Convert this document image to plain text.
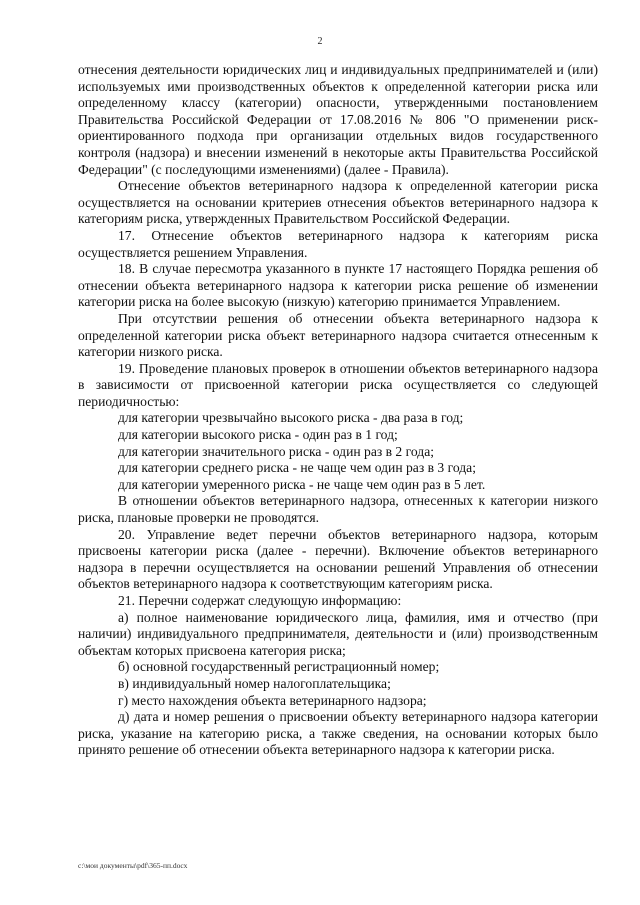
2

отнесения деятельности юридических лиц и индивидуальных предпринимателей и (или) используемых ими производственных объектов к определенной категории риска или определенному классу (категории) опасности, утвержденными постановлением Правительства Российской Федерации от 17.08.2016 № 806 "О применении риск-ориентированного подхода при организации отдельных видов государственного контроля (надзора) и внесении изменений в некоторые акты Правительства Российской Федерации" (с последующими изменениями) (далее - Правила).

Отнесение объектов ветеринарного надзора к определенной категории риска осуществляется на основании критериев отнесения объектов ветеринарного надзора к категориям риска, утвержденных Правительством Российской Федерации.

17. Отнесение объектов ветеринарного надзора к категориям риска осуществляется решением Управления.

18. В случае пересмотра указанного в пункте 17 настоящего Порядка решения об отнесении объекта ветеринарного надзора к категории риска решение об изменении категории риска на более высокую (низкую) категорию принимается Управлением.

При отсутствии решения об отнесении объекта ветеринарного надзора к определенной категории риска объект ветеринарного надзора считается отнесенным к категории низкого риска.

19. Проведение плановых проверок в отношении объектов ветеринарного надзора в зависимости от присвоенной категории риска осуществляется со следующей периодичностью:

для категории чрезвычайно высокого риска - два раза в год;

для категории высокого риска - один раз в 1 год;

для категории значительного риска - один раз в 2 года;

для категории среднего риска - не чаще чем один раз в 3 года;

для категории умеренного риска - не чаще чем один раз в 5 лет.

В отношении объектов ветеринарного надзора, отнесенных к категории низкого риска, плановые проверки не проводятся.

20. Управление ведет перечни объектов ветеринарного надзора, которым присвоены категории риска (далее - перечни). Включение объектов ветеринарного надзора в перечни осуществляется на основании решений Управления об отнесении объектов ветеринарного надзора к соответствующим категориям риска.

21. Перечни содержат следующую информацию:

а) полное наименование юридического лица, фамилия, имя и отчество (при наличии) индивидуального предпринимателя, деятельности и (или) производственным объектам которых присвоена категория риска;

б) основной государственный регистрационный номер;

в) индивидуальный номер налогоплательщика;

г) место нахождения объекта ветеринарного надзора;

д) дата и номер решения о присвоении объекту ветеринарного надзора категории риска, указание на категорию риска, а также сведения, на основании которых было принято решение об отнесении объекта ветеринарного надзора к категории риска.

c:\мои документы\pdf\365-пп.docx
